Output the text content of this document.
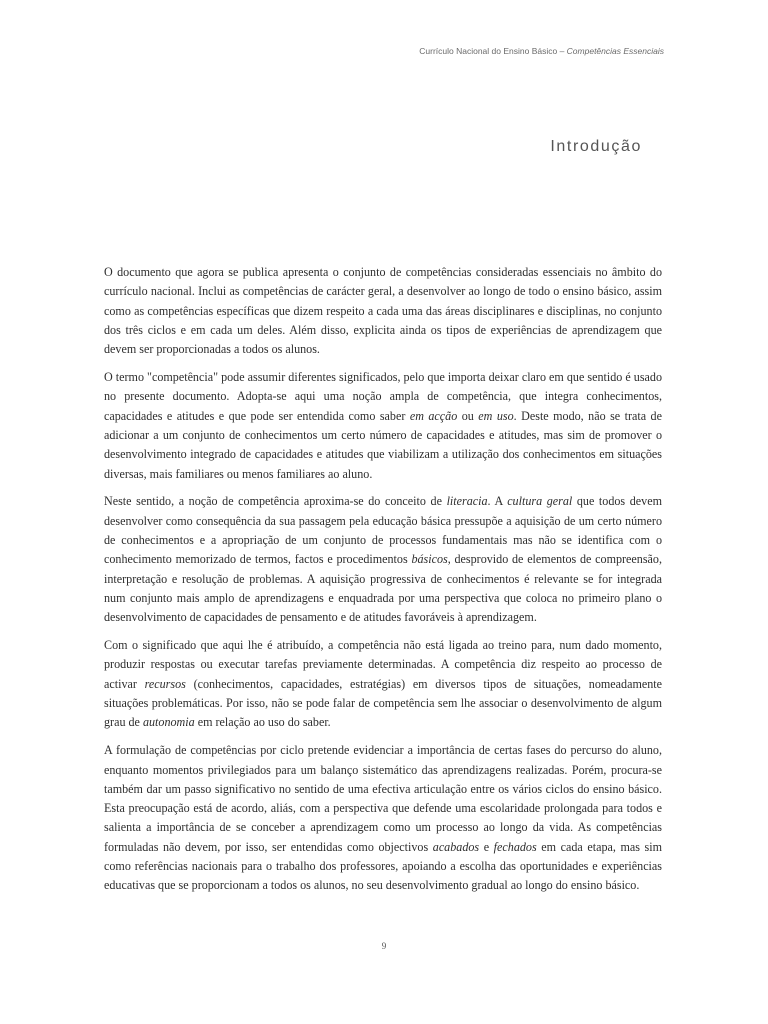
Currículo Nacional do Ensino Básico – Competências Essenciais
Introdução

O documento que agora se publica apresenta o conjunto de competências consideradas essenciais no âmbito do currículo nacional. Inclui as competências de carácter geral, a desenvolver ao longo de todo o ensino básico, assim como as competências específicas que dizem respeito a cada uma das áreas disciplinares e disciplinas, no conjunto dos três ciclos e em cada um deles. Além disso, explicita ainda os tipos de experiências de aprendizagem que devem ser proporcionadas a todos os alunos.

O termo "competência" pode assumir diferentes significados, pelo que importa deixar claro em que sentido é usado no presente documento. Adopta-se aqui uma noção ampla de competência, que integra conhecimentos, capacidades e atitudes e que pode ser entendida como saber em acção ou em uso. Deste modo, não se trata de adicionar a um conjunto de conhecimentos um certo número de capacidades e atitudes, mas sim de promover o desenvolvimento integrado de capacidades e atitudes que viabilizam a utilização dos conhecimentos em situações diversas, mais familiares ou menos familiares ao aluno.

Neste sentido, a noção de competência aproxima-se do conceito de literacia. A cultura geral que todos devem desenvolver como consequência da sua passagem pela educação básica pressupõe a aquisição de um certo número de conhecimentos e a apropriação de um conjunto de processos fundamentais mas não se identifica com o conhecimento memorizado de termos, factos e procedimentos básicos, desprovido de elementos de compreensão, interpretação e resolução de problemas. A aquisição progressiva de conhecimentos é relevante se for integrada num conjunto mais amplo de aprendizagens e enquadrada por uma perspectiva que coloca no primeiro plano o desenvolvimento de capacidades de pensamento e de atitudes favoráveis à aprendizagem.

Com o significado que aqui lhe é atribuído, a competência não está ligada ao treino para, num dado momento, produzir respostas ou executar tarefas previamente determinadas. A competência diz respeito ao processo de activar recursos (conhecimentos, capacidades, estratégias) em diversos tipos de situações, nomeadamente situações problemáticas. Por isso, não se pode falar de competência sem lhe associar o desenvolvimento de algum grau de autonomia em relação ao uso do saber.

A formulação de competências por ciclo pretende evidenciar a importância de certas fases do percurso do aluno, enquanto momentos privilegiados para um balanço sistemático das aprendizagens realizadas. Porém, procura-se também dar um passo significativo no sentido de uma efectiva articulação entre os vários ciclos do ensino básico. Esta preocupação está de acordo, aliás, com a perspectiva que defende uma escolaridade prolongada para todos e salienta a importância de se conceber a aprendizagem como um processo ao longo da vida. As competências formuladas não devem, por isso, ser entendidas como objectivos acabados e fechados em cada etapa, mas sim como referências nacionais para o trabalho dos professores, apoiando a escolha das oportunidades e experiências educativas que se proporcionam a todos os alunos, no seu desenvolvimento gradual ao longo do ensino básico.

9
